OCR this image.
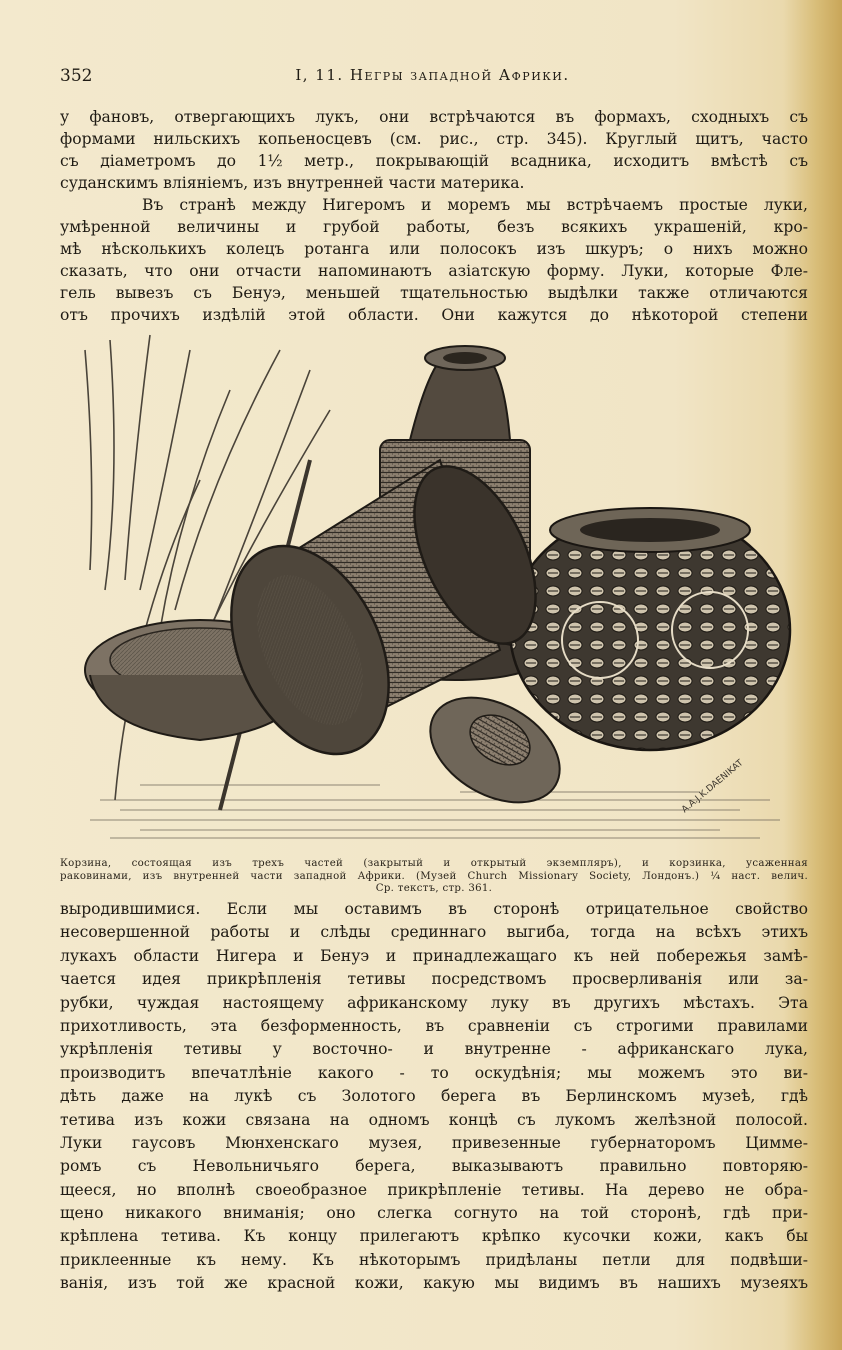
352	I, 11. Негры западной Африки.
у фановъ, отвергающихъ лукъ, они встрѣчаются въ формахъ, сходныхъ съ
формами нильскихъ копьеносцевъ (см. рис., стр. 345). Круглый щитъ, часто
съ діаметромъ до 1½ метр., покрывающій всадника, исходитъ вмѣстѣ съ
суданскимъ вліяніемъ, изъ внутренней части материка.
Въ странѣ между Нигеромъ и моремъ мы встрѣчаемъ простые луки,
умѣренной величины и грубой работы, безъ всякихъ украшеній, кро-
мѣ нѣсколькихъ колецъ ротанга или полосокъ изъ шкуръ; о нихъ можно
сказать, что они отчасти напоминаютъ азіатскую форму. Луки, которые Фле-
гель вывезъ съ Бенуэ, меньшей тщательностью выдѣлки также отличаются
отъ прочихъ издѣлій этой области. Они кажутся до нѣкоторой степени
A.A.J.K.DAENIKAT
Корзина, состоящая изъ трехъ частей (закрытый и открытый экземпляръ), и корзинка, усаженная
раковинами, изъ внутренней части западной Африки. (Музей Church Missionary Society, Лондонъ.) ¼ наст. велич.
Ср. текстъ, стр. 361.
выродившимися. Если мы оставимъ въ сторонѣ отрицательное свойство
несовершенной работы и слѣды срединнаго выгиба, тогда на всѣхъ этихъ
лукахъ области Нигера и Бенуэ и принадлежащаго къ ней побережья замѣ-
чается идея прикрѣпленія тетивы посредствомъ просверливанія или за-
рубки, чуждая настоящему африканскому луку въ другихъ мѣстахъ. Эта
прихотливость, эта безформенность, въ сравненіи съ строгими правилами
укрѣпленія тетивы у восточно- и внутренне - африканскаго лука,
производитъ впечатлѣніе какого - то оскудѣнія; мы можемъ это ви-
дѣть даже на лукѣ съ Золотого берега въ Берлинскомъ музеѣ, гдѣ
тетива изъ кожи связана на одномъ концѣ съ лукомъ желѣзной полосой.
Луки гаусовъ Мюнхенскаго музея, привезенные губернаторомъ Цимме-
ромъ съ Невольничьяго берега, выказываютъ правильно повторяю-
щееся, но вполнѣ своеобразное прикрѣпленіе тетивы. На дерево не обра-
щено никакого вниманія; оно слегка согнуто на той сторонѣ, гдѣ при-
крѣплена тетива. Къ концу прилегаютъ крѣпко кусочки кожи, какъ бы
приклеенные къ нему. Къ нѣкоторымъ придѣланы петли для подвѣши-
ванія, изъ той же красной кожи, какую мы видимъ въ нашихъ музеяхъ
